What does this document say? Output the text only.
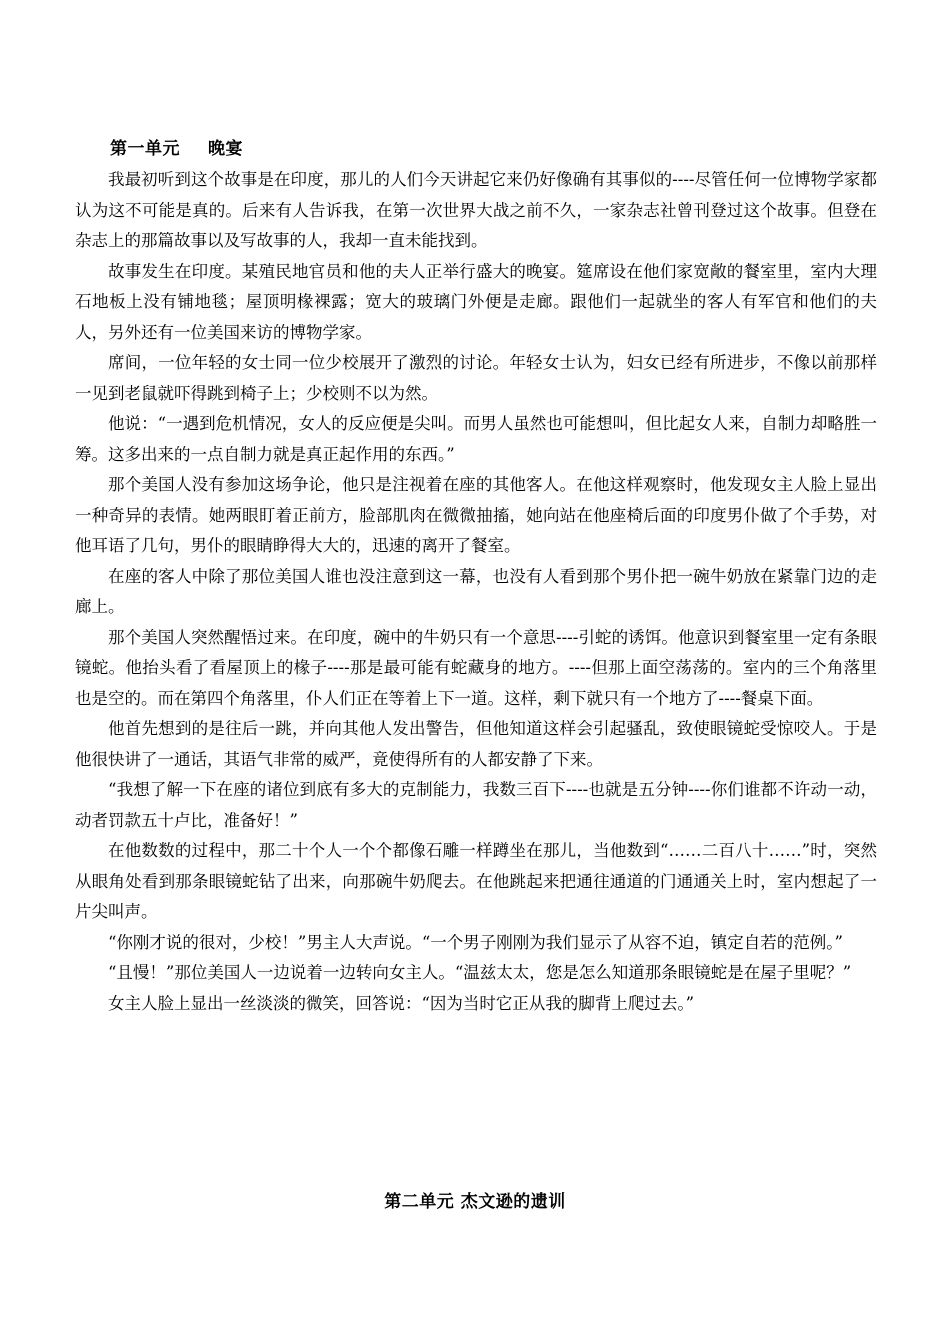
第一单元 晚宴

我最初听到这个故事是在印度，那儿的人们今天讲起它来仍好像确有其事似的----尽管任何一位博物学家都认为这不可能是真的。后来有人告诉我，在第一次世界大战之前不久，一家杂志社曾刊登过这个故事。但登在杂志上的那篇故事以及写故事的人，我却一直未能找到。

故事发生在印度。某殖民地官员和他的夫人正举行盛大的晚宴。筵席设在他们家宽敞的餐室里，室内大理石地板上没有铺地毯；屋顶明椽裸露；宽大的玻璃门外便是走廊。跟他们一起就坐的客人有军官和他们的夫人，另外还有一位美国来访的博物学家。

席间，一位年轻的女士同一位少校展开了激烈的讨论。年轻女士认为，妇女已经有所进步，不像以前那样一见到老鼠就吓得跳到椅子上；少校则不以为然。

他说：“一遇到危机情况，女人的反应便是尖叫。而男人虽然也可能想叫，但比起女人来，自制力却略胜一筹。这多出来的一点自制力就是真正起作用的东西。”

那个美国人没有参加这场争论，他只是注视着在座的其他客人。在他这样观察时，他发现女主人脸上显出一种奇异的表情。她两眼盯着正前方，脸部肌肉在微微抽搐，她向站在他座椅后面的印度男仆做了个手势，对他耳语了几句，男仆的眼睛睁得大大的，迅速的离开了餐室。

在座的客人中除了那位美国人谁也没注意到这一幕，也没有人看到那个男仆把一碗牛奶放在紧靠门边的走廊上。

那个美国人突然醒悟过来。在印度，碗中的牛奶只有一个意思----引蛇的诱饵。他意识到餐室里一定有条眼镜蛇。他抬头看了看屋顶上的椽子----那是最可能有蛇藏身的地方。----但那上面空荡荡的。室内的三个角落里也是空的。而在第四个角落里，仆人们正在等着上下一道。这样，剩下就只有一个地方了----餐桌下面。

他首先想到的是往后一跳，并向其他人发出警告，但他知道这样会引起骚乱，致使眼镜蛇受惊咬人。于是他很快讲了一通话，其语气非常的威严，竟使得所有的人都安静了下来。

“我想了解一下在座的诸位到底有多大的克制能力，我数三百下----也就是五分钟----你们谁都不许动一动，动者罚款五十卢比，准备好！”

在他数数的过程中，那二十个人一个个都像石雕一样蹲坐在那儿，当他数到“……二百八十……”时，突然从眼角处看到那条眼镜蛇钻了出来，向那碗牛奶爬去。在他跳起来把通往通道的门通通关上时，室内想起了一片尖叫声。

“你刚才说的很对，少校！”男主人大声说。“一个男子刚刚为我们显示了从容不迫，镇定自若的范例。”

“且慢！”那位美国人一边说着一边转向女主人。“温兹太太，您是怎么知道那条眼镜蛇是在屋子里呢？”

女主人脸上显出一丝淡淡的微笑，回答说：“因为当时它正从我的脚背上爬过去。”

第二单元 杰文逊的遗训
